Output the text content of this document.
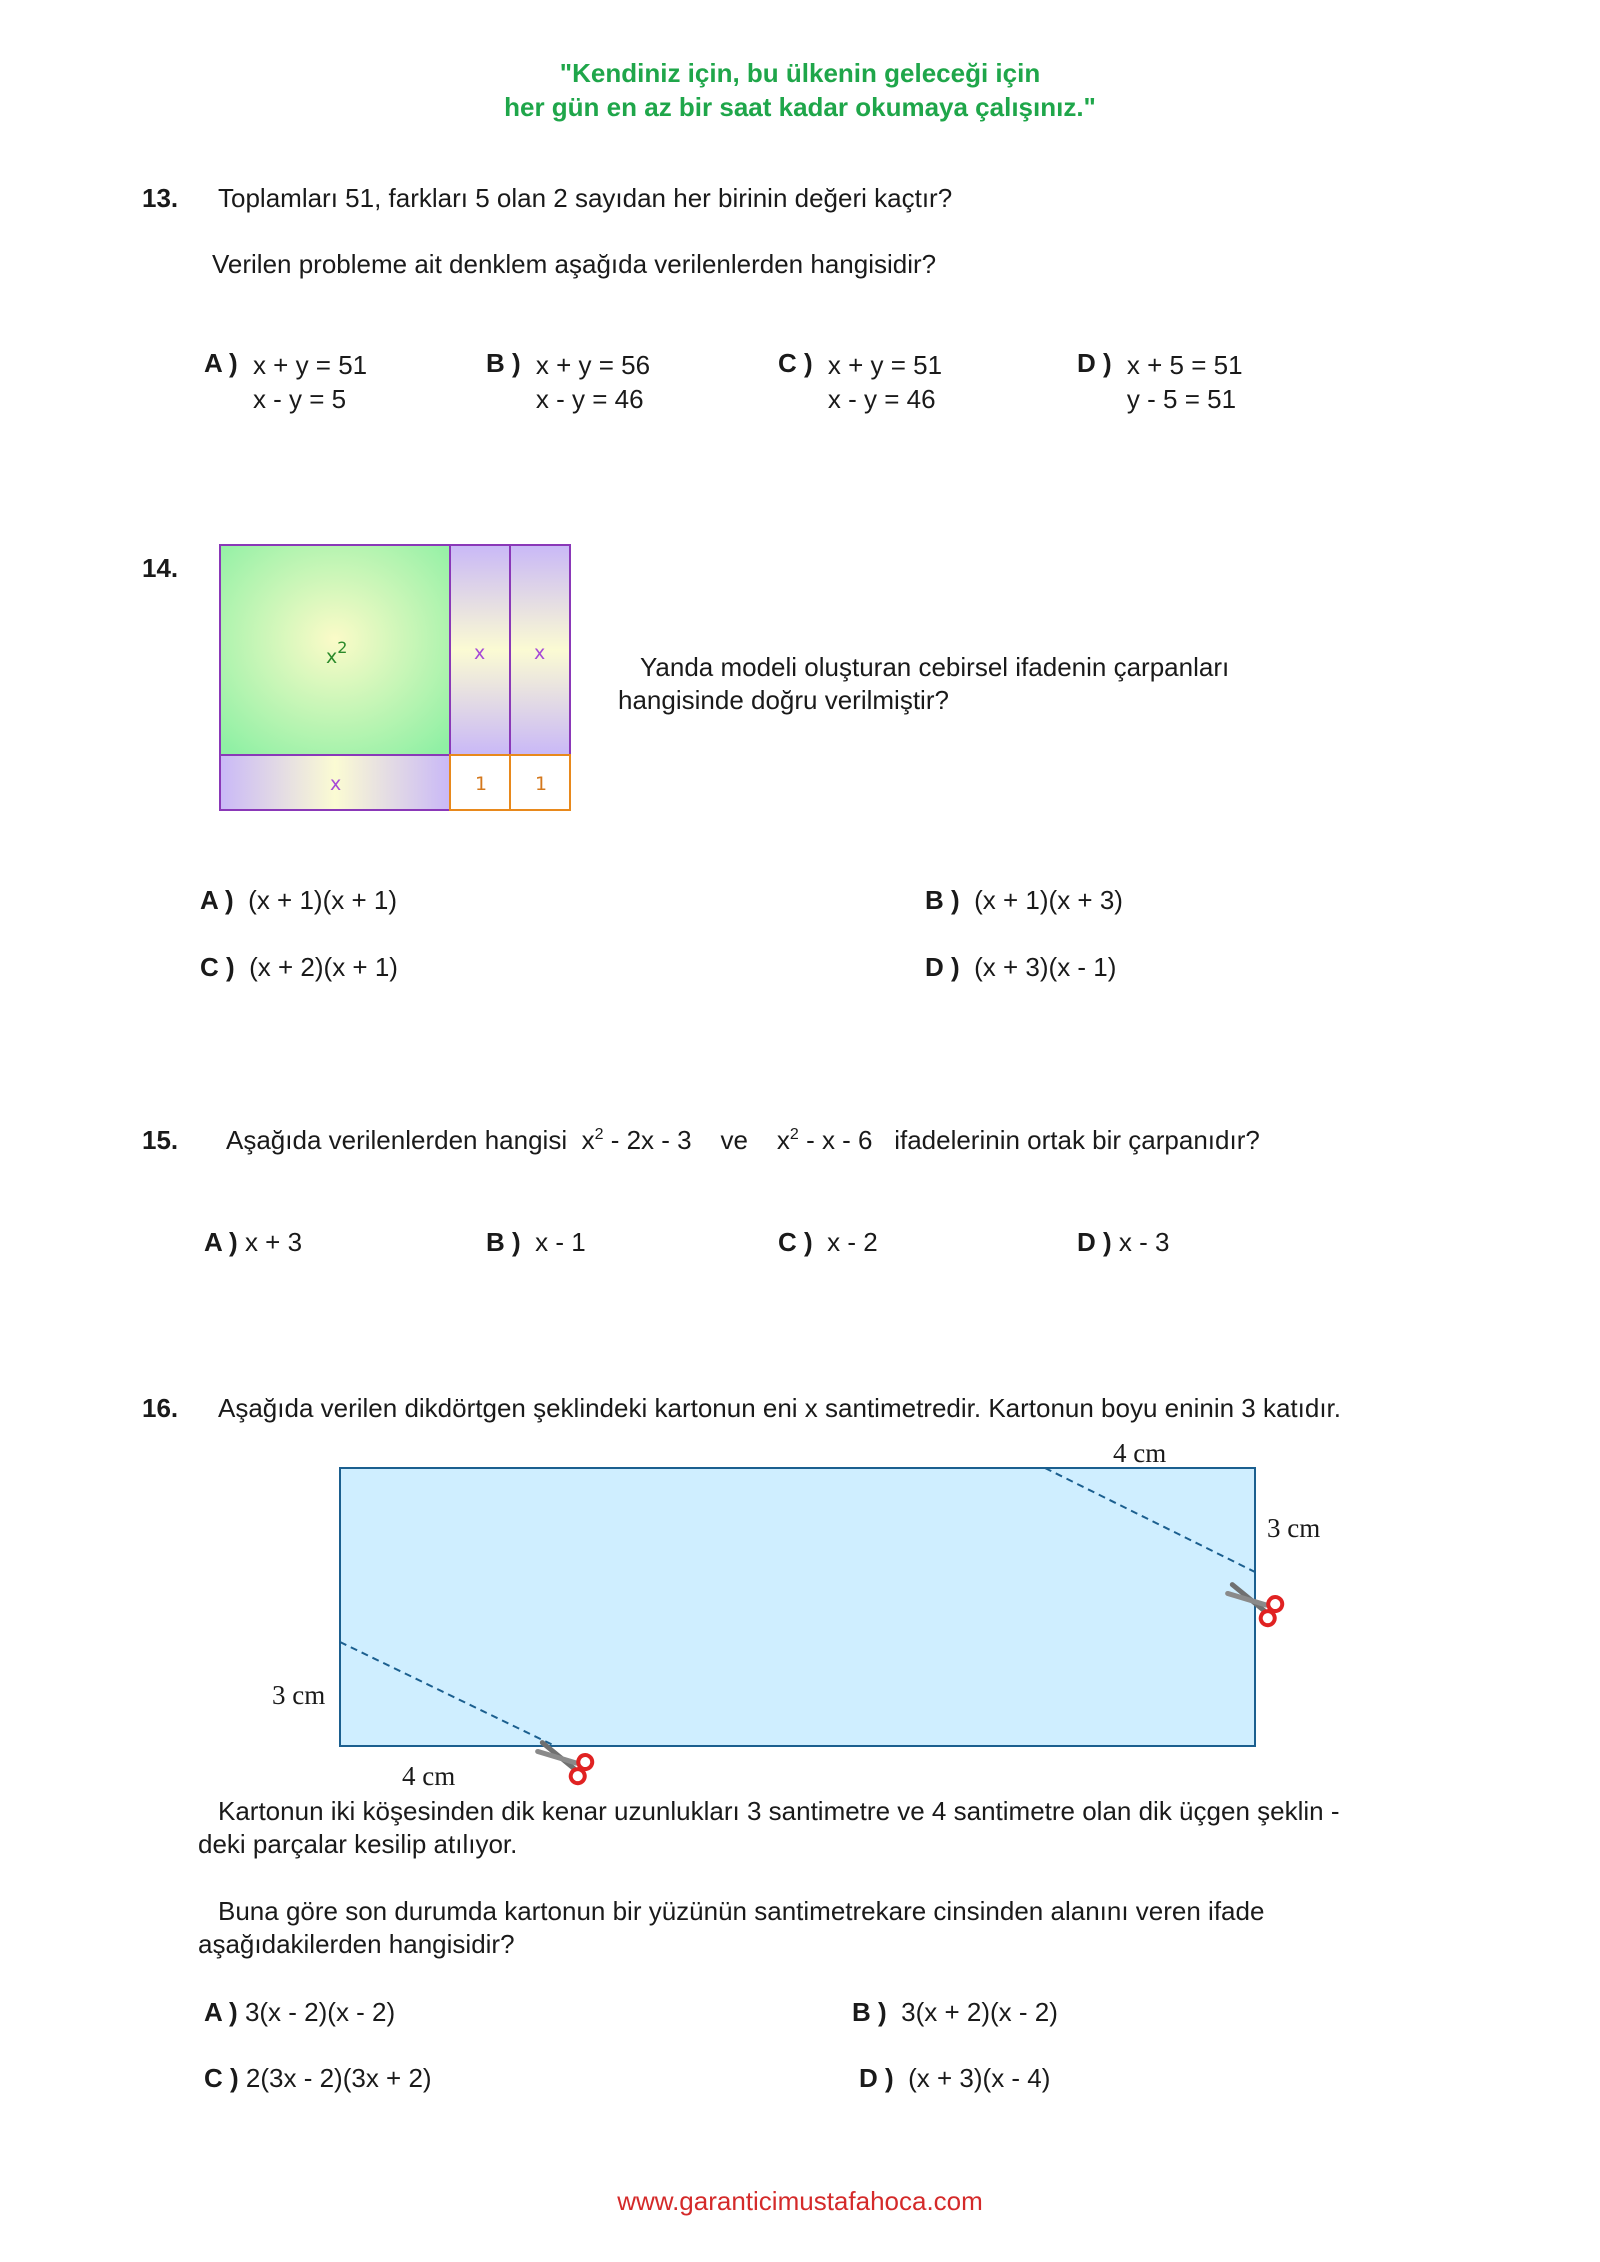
"Kendiniz için, bu ülkenin geleceği için
her gün en az bir saat kadar okumaya çalışınız."
13. Toplamları 51, farkları 5 olan 2 sayıdan her birinin değeri kaçtır?
Verilen probleme ait denklem aşağıda verilenlerden hangisidir?
A ) x + y = 51
x - y = 5
B ) x + y = 56
x - y = 46
C ) x + y = 51
x - y = 46
D ) x + 5 = 51
y - 5 = 51
14.
$x^2$	x	x
x	1	1
Yanda modeli oluşturan cebirsel ifadenin çarpanları
hangisinde doğru verilmiştir?
A ) (x + 1)(x + 1)	B ) (x + 1)(x + 3)
C ) (x + 2)(x + 1)	D ) (x + 3)(x - 1)
15. Aşağıda verilenlerden hangisi $x^2 - 2x - 3$ ve $x^2$ - x - 6 ifadelerinin ortak bir çarpanıdır?
A ) x + 3	B ) x - 1	C ) x - 2	D ) x - 3
16. Aşağıda verilen dikdörtgen şeklindeki kartonun eni x santimetredir. Kartonun boyu eninin 3 katıdır.
4 cm
3 cm
3 cm
4 cm
Kartonun iki köşesinden dik kenar uzunlukları 3 santimetre ve 4 santimetre olan dik üçgen şeklin -
deki parçalar kesilip atılıyor.
Buna göre son durumda kartonun bir yüzünün santimetrekare cinsinden alanını veren ifade
aşağıdakilerden hangisidir?
A ) 3(x - 2)(x - 2)	B ) 3(x + 2)(x - 2)
C ) 2(3x - 2)(3x + 2)	D ) (x + 3)(x - 4)
www.garanticimustafahoca.com
